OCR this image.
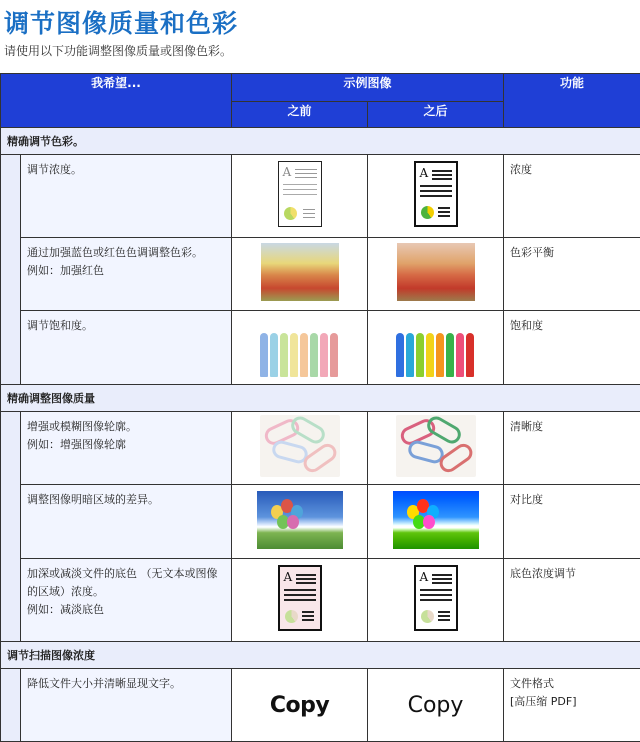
调节图像质量和色彩
请使用以下功能调整图像质量或图像色彩。
我希望...		示例图像		功能
		之前	之后	
精确调节色彩。				

	调节浓度。	A	A	浓度

	通过加强蓝色或红色色调调整色彩。
例如：加强红色			色彩平衡

	调节饱和度。			饱和度
精确调整图像质量				

	增强或模糊图像轮廓。
例如：增强图像轮廓			清晰度

	调整图像明暗区域的差异。			对比度

	加深或减淡文件的底色 （无文本或图像的区域）浓度。
例如：减淡底色	A	A	底色浓度调节
调节扫描图像浓度				

	降低文件大小并清晰显现文字。	Copy	Copy	文件格式
[高压缩 PDF]
